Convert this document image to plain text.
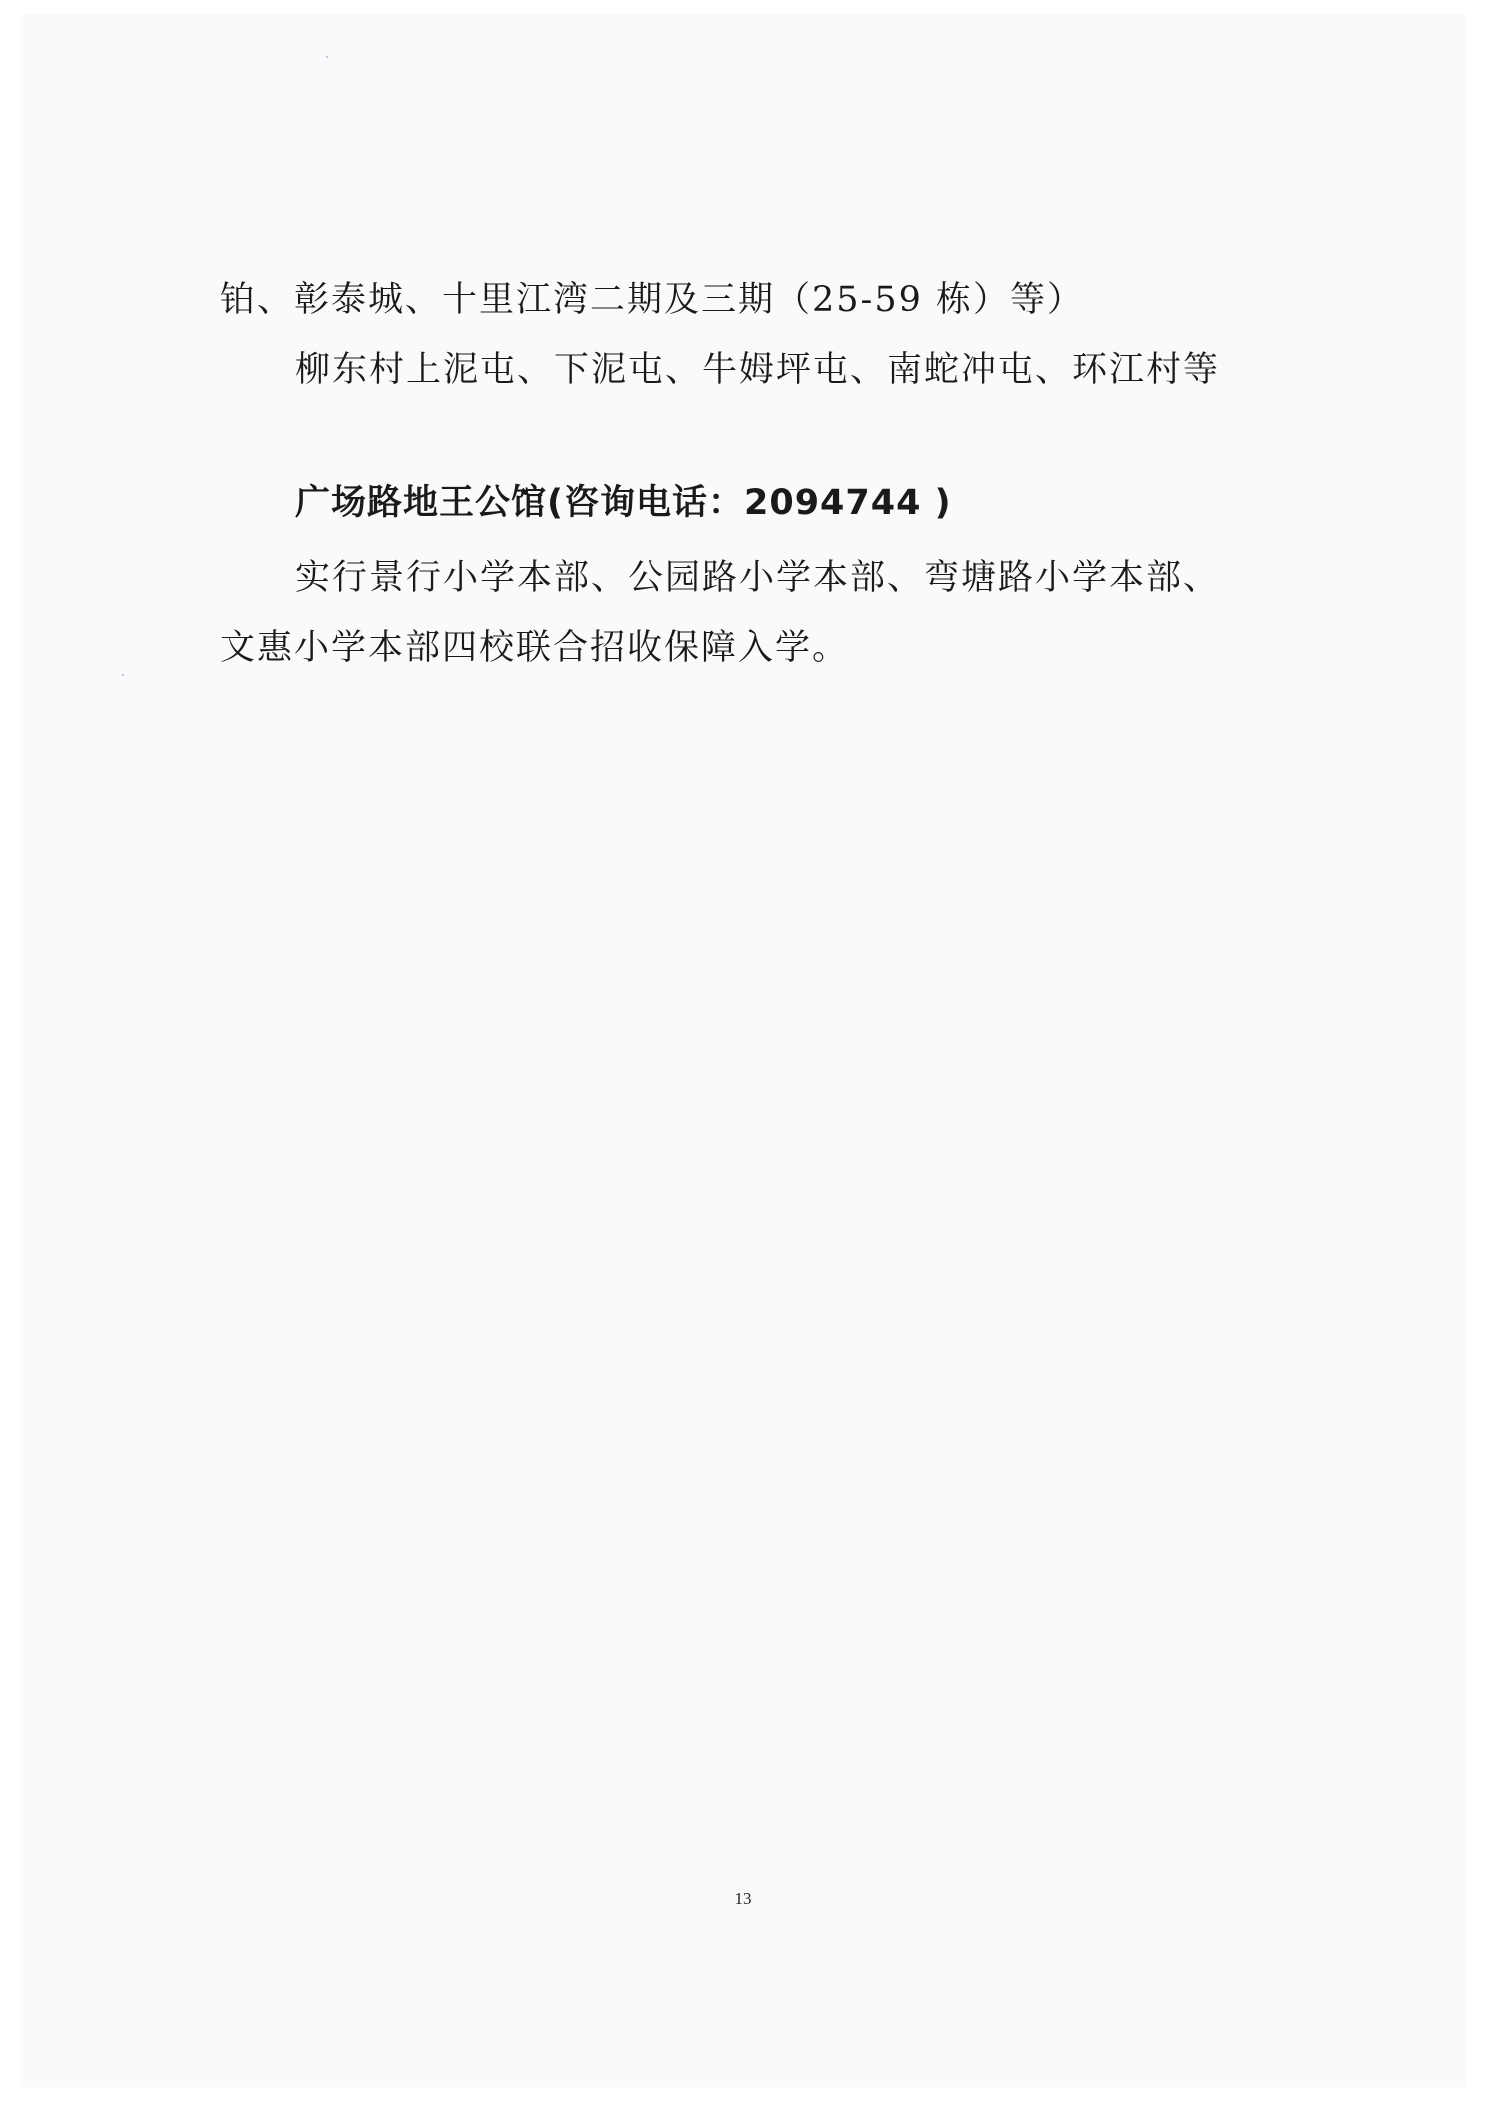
铂、彰泰城、十里江湾二期及三期（25-59 栋）等）
柳东村上泥屯、下泥屯、牛姆坪屯、南蛇冲屯、环江村等
广场路地王公馆(咨询电话：2094744 )
实行景行小学本部、公园路小学本部、弯塘路小学本部、
文惠小学本部四校联合招收保障入学。
13
